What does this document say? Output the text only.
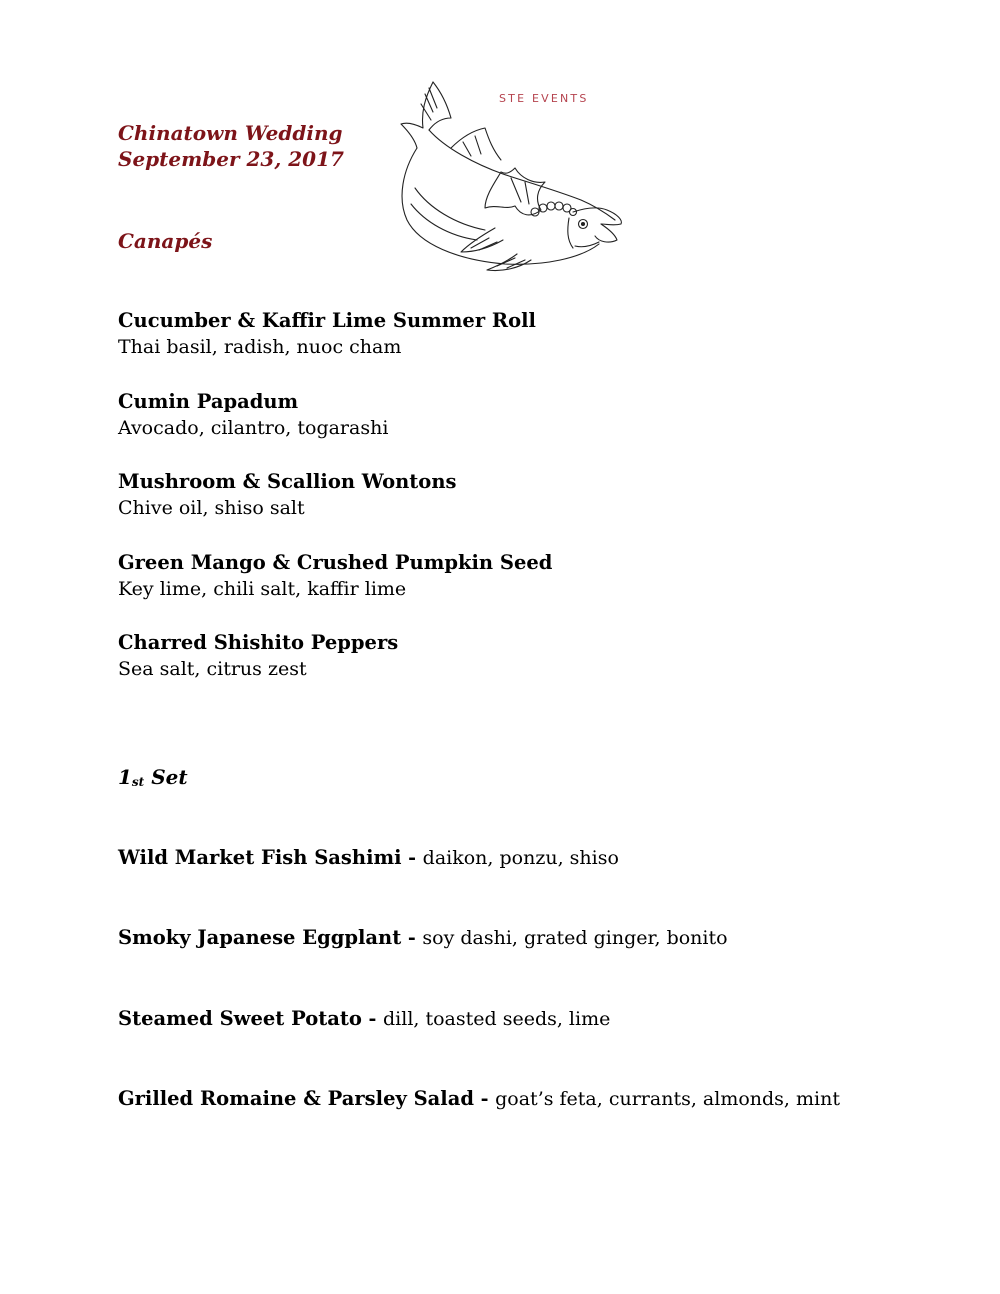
Chinatown Wedding
September 23, 2017
STE EVENTS
Canapés
Cucumber & Kaffir Lime Summer Roll
Thai basil, radish, nuoc cham
Cumin Papadum
Avocado, cilantro, togarashi
Mushroom & Scallion Wontons
Chive oil, shiso salt
Green Mango & Crushed Pumpkin Seed
Key lime, chili salt, kaffir lime
Charred Shishito Peppers
Sea salt, citrus zest
$1_{st}$ Set
Wild Market Fish Sashimi - daikon, ponzu, shiso
Smoky Japanese Eggplant - soy dashi, grated ginger, bonito
Steamed Sweet Potato - dill, toasted seeds, lime
Grilled Romaine & Parsley Salad - goat’s feta, currants, almonds, mint
